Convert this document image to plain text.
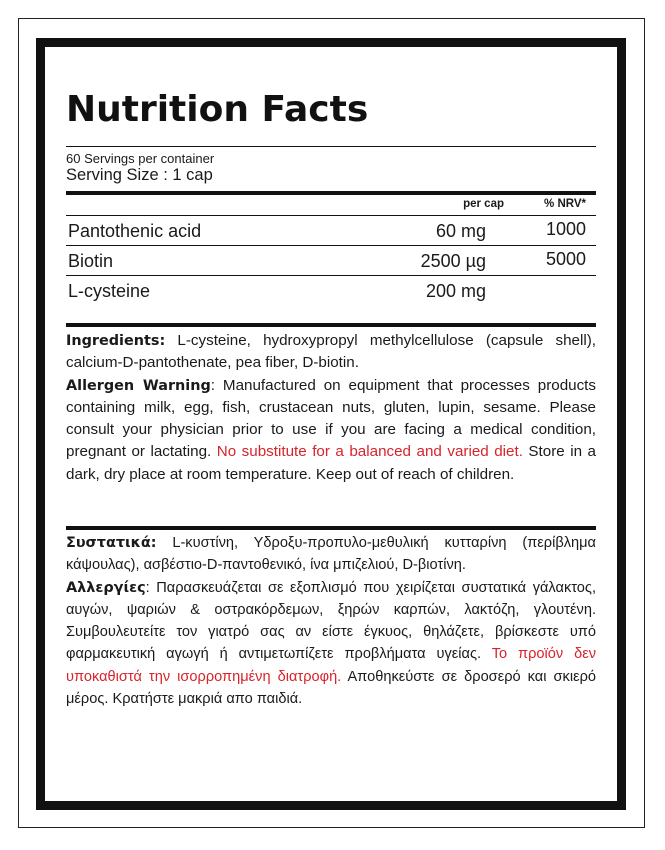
Nutrition Facts
60 Servings per container
Serving Size : 1 cap
per cap	% NRV*
Pantothenic acid	60 mg	1000
Biotin	2500 µg	5000
L-cysteine	200 mg

Ingredients: L-cysteine, hydroxypropyl methylcellulose (capsule shell), calcium-D-pantothenate, pea fiber, D-biotin.

Allergen Warning: Manufactured on equipment that processes products containing milk, egg, fish, crustacean nuts, gluten, lupin, sesame. Please consult your physician prior to use if you are facing a medical condition, pregnant or lactating. No substitute for a balanced and varied diet. Store in a dark, dry place at room temperature. Keep out of reach of children.

Συστατικά: L-κυστίνη, Υδροξυ-προπυλο-μεθυλική κυτταρίνη (περίβλημα κάψουλας), ασβέστιο-D-παντοθενικό, ίνα μπιζελιού, D-βιοτίνη.

Αλλεργίες: Παρασκευάζεται σε εξοπλισμό που χειρίζεται συστατικά γάλακτος, αυγών, ψαριών & οστρακόρδεμων, ξηρών καρπών, λακτόζη, γλουτένη. Συμβουλευτείτε τον γιατρό σας αν είστε έγκυος, θηλάζετε, βρίσκεστε υπό φαρμακευτική αγωγή ή αντιμετωπίζετε προβλήματα υγείας. Το προϊόν δεν υποκαθιστά την ισορροπημένη διατροφή. Αποθηκεύστε σε δροσερό και σκιερό μέρος. Κρατήστε μακριά απο παιδιά.
